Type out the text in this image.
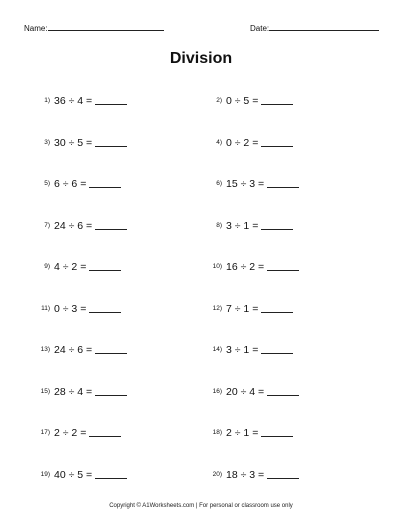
Name:	Date:
Division
1) $^{36 \div 4 =}$	2) $^{0 \div 5 =}$
3) $^{30 \div 5 =}$	4) $^{0 \div 2 =}$
5) $^{6 \div 6 =}$	6) $^{15 \div 3 =}$
7) $^{24 \div 6 =}$	8) $^{3 \div 1 =}$
9) $^{4 \div 2 =}$	10) $^{16 \div 2 =}$
11) $^{0 \div 3 =}$	12) $^{7 \div 1 =}$
13) $^{24 \div 6 =}$	14) $^{3 \div 1 =}$
15) $^{28 \div 4 =}$	16) $^{20 \div 4 =}$
17) $^{2 \div 2 =}$	18) $^{2 \div 1 =}$
19) $^{40 \div 5 =}$	20) $^{18 \div 3 =}$
Copyright © A1Worksheets.com | For personal or classroom use only
